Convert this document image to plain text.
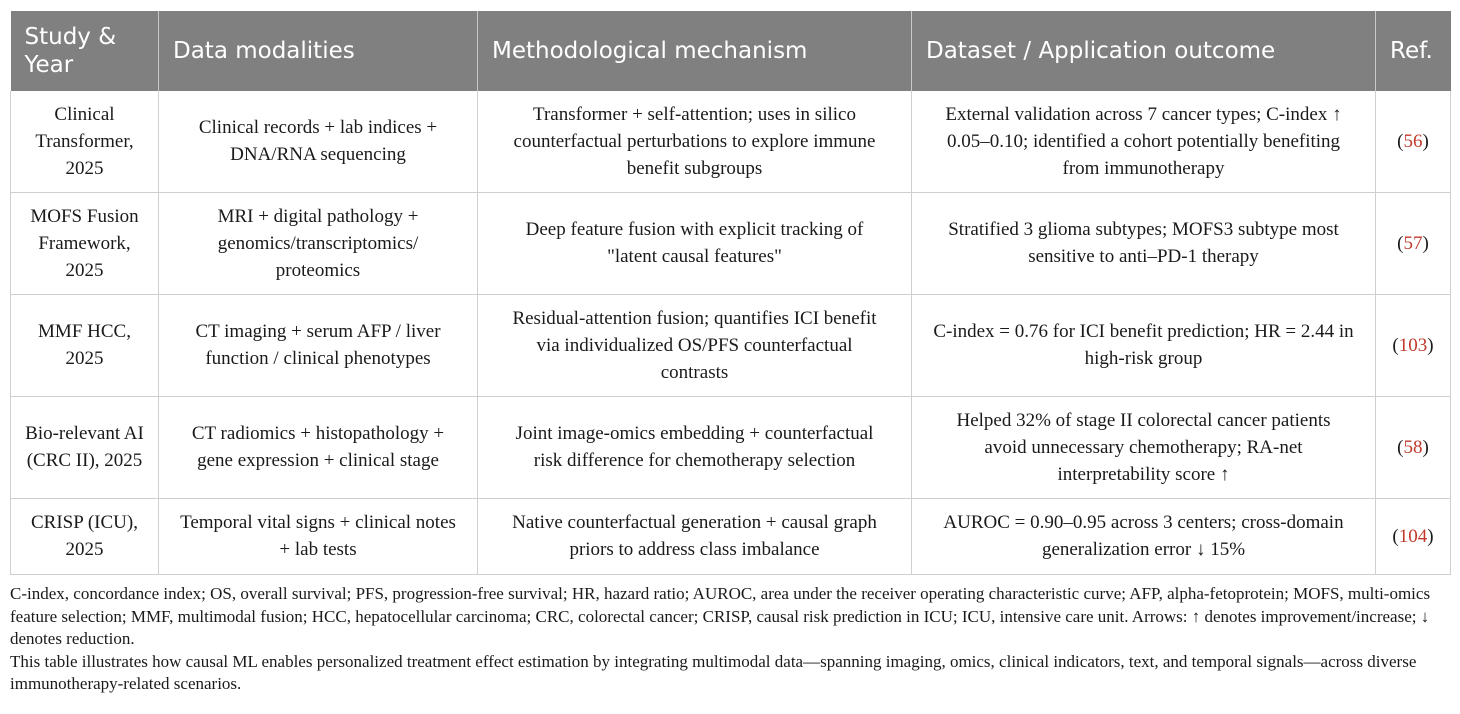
Study & Year	Data modalities	Methodological mechanism	Dataset / Application outcome	Ref.
Clinical Transformer, 2025	Clinical records + lab indices + DNA/RNA sequencing	Transformer + self-attention; uses in silico counterfactual perturbations to explore immune benefit subgroups	External validation across 7 cancer types; C-index ↑ 0.05–0.10; identified a cohort potentially benefiting from immunotherapy	(56)
MOFS Fusion Framework, 2025	MRI + digital pathology + genomics/transcriptomics/ proteomics	Deep feature fusion with explicit tracking of "latent causal features"	Stratified 3 glioma subtypes; MOFS3 subtype most sensitive to anti–PD-1 therapy	(57)
MMF HCC, 2025	CT imaging + serum AFP / liver function / clinical phenotypes	Residual-attention fusion; quantifies ICI benefit via individualized OS/PFS counterfactual contrasts	C-index = 0.76 for ICI benefit prediction; HR = 2.44 in high-risk group	(103)
Bio-relevant AI (CRC II), 2025	CT radiomics + histopathology + gene expression + clinical stage	Joint image-omics embedding + counterfactual risk difference for chemotherapy selection	Helped 32% of stage II colorectal cancer patients avoid unnecessary chemotherapy; RA-net interpretability score ↑	(58)
CRISP (ICU), 2025	Temporal vital signs + clinical notes + lab tests	Native counterfactual generation + causal graph priors to address class imbalance	AUROC = 0.90–0.95 across 3 centers; cross-domain generalization error ↓ 15%	(104)

C-index, concordance index; OS, overall survival; PFS, progression-free survival; HR, hazard ratio; AUROC, area under the receiver operating characteristic curve; AFP, alpha-fetoprotein; MOFS, multi-omics feature selection; MMF, multimodal fusion; HCC, hepatocellular carcinoma; CRC, colorectal cancer; CRISP, causal risk prediction in ICU; ICU, intensive care unit. Arrows: ↑ denotes improvement/increase; ↓ denotes reduction.

This table illustrates how causal ML enables personalized treatment effect estimation by integrating multimodal data—spanning imaging, omics, clinical indicators, text, and temporal signals—across diverse immunotherapy-related scenarios.
